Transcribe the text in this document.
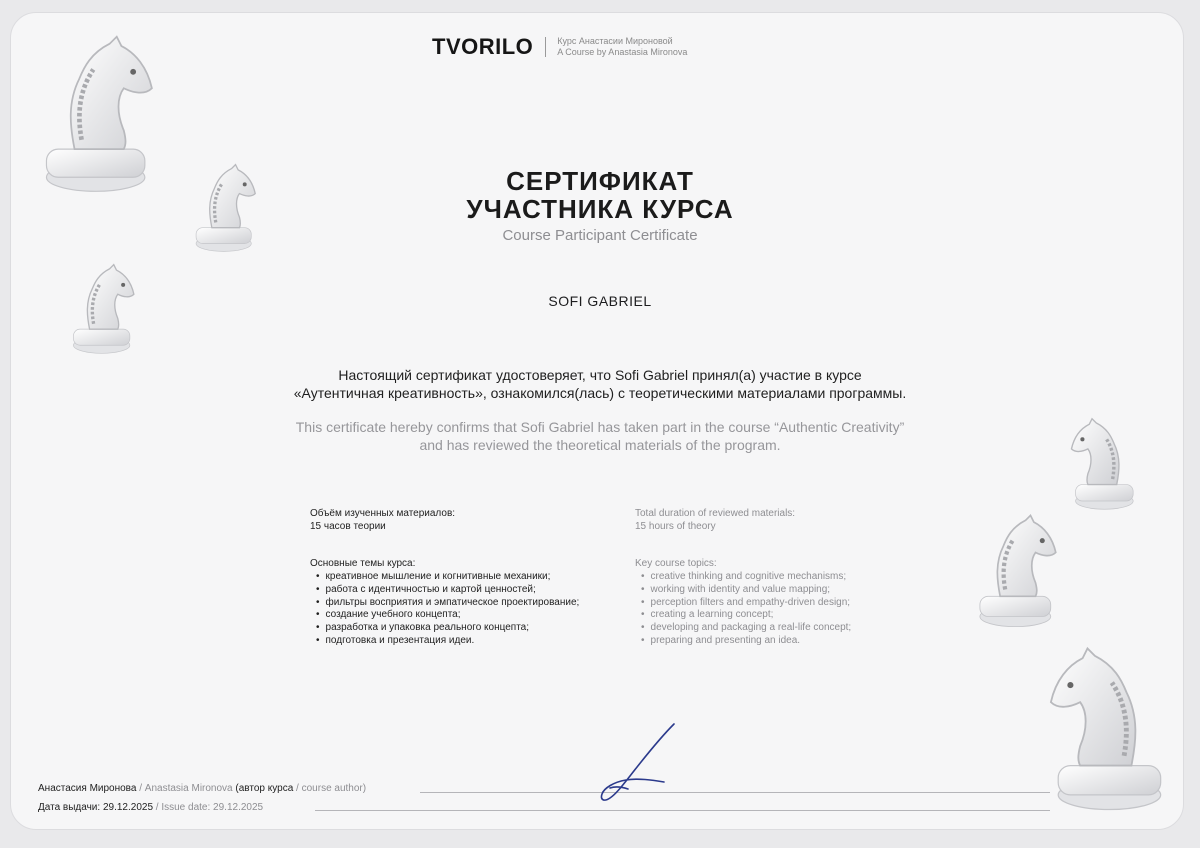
TVORILO	Курс Анастасии Мироновой
A Course by Anastasia Mironova
СЕРТИФИКАТ
УЧАСТНИКА КУРСА
Course Participant Certificate
SOFI GABRIEL
Настоящий сертификат удостоверяет, что Sofi Gabriel принял(а) участие в курсе
«Аутентичная креативность», ознакомился(лась) с теоретическими материалами программы.
This certificate hereby confirms that Sofi Gabriel has taken part in the course “Authentic Creativity”
and has reviewed the theoretical materials of the program.

Объём изученных материалов:

15 часов теории

Основные темы курса:

• креативное мышление и когнитивные механики;
• работа с идентичностью и картой ценностей;
• фильтры восприятия и эмпатическое проектирование;
• создание учебного концепта;
• разработка и упаковка реального концепта;
• подготовка и презентация идеи.

Total duration of reviewed materials:

15 hours of theory

Key course topics:

• creative thinking and cognitive mechanisms;
• working with identity and value mapping;
• perception filters and empathy-driven design;
• creating a learning concept;
• developing and packaging a real-life concept;
• preparing and presenting an idea.
Анастасия Миронова / Anastasia Mironova (автор курса / course author)
Дата выдачи: 29.12.2025 / Issue date: 29.12.2025
